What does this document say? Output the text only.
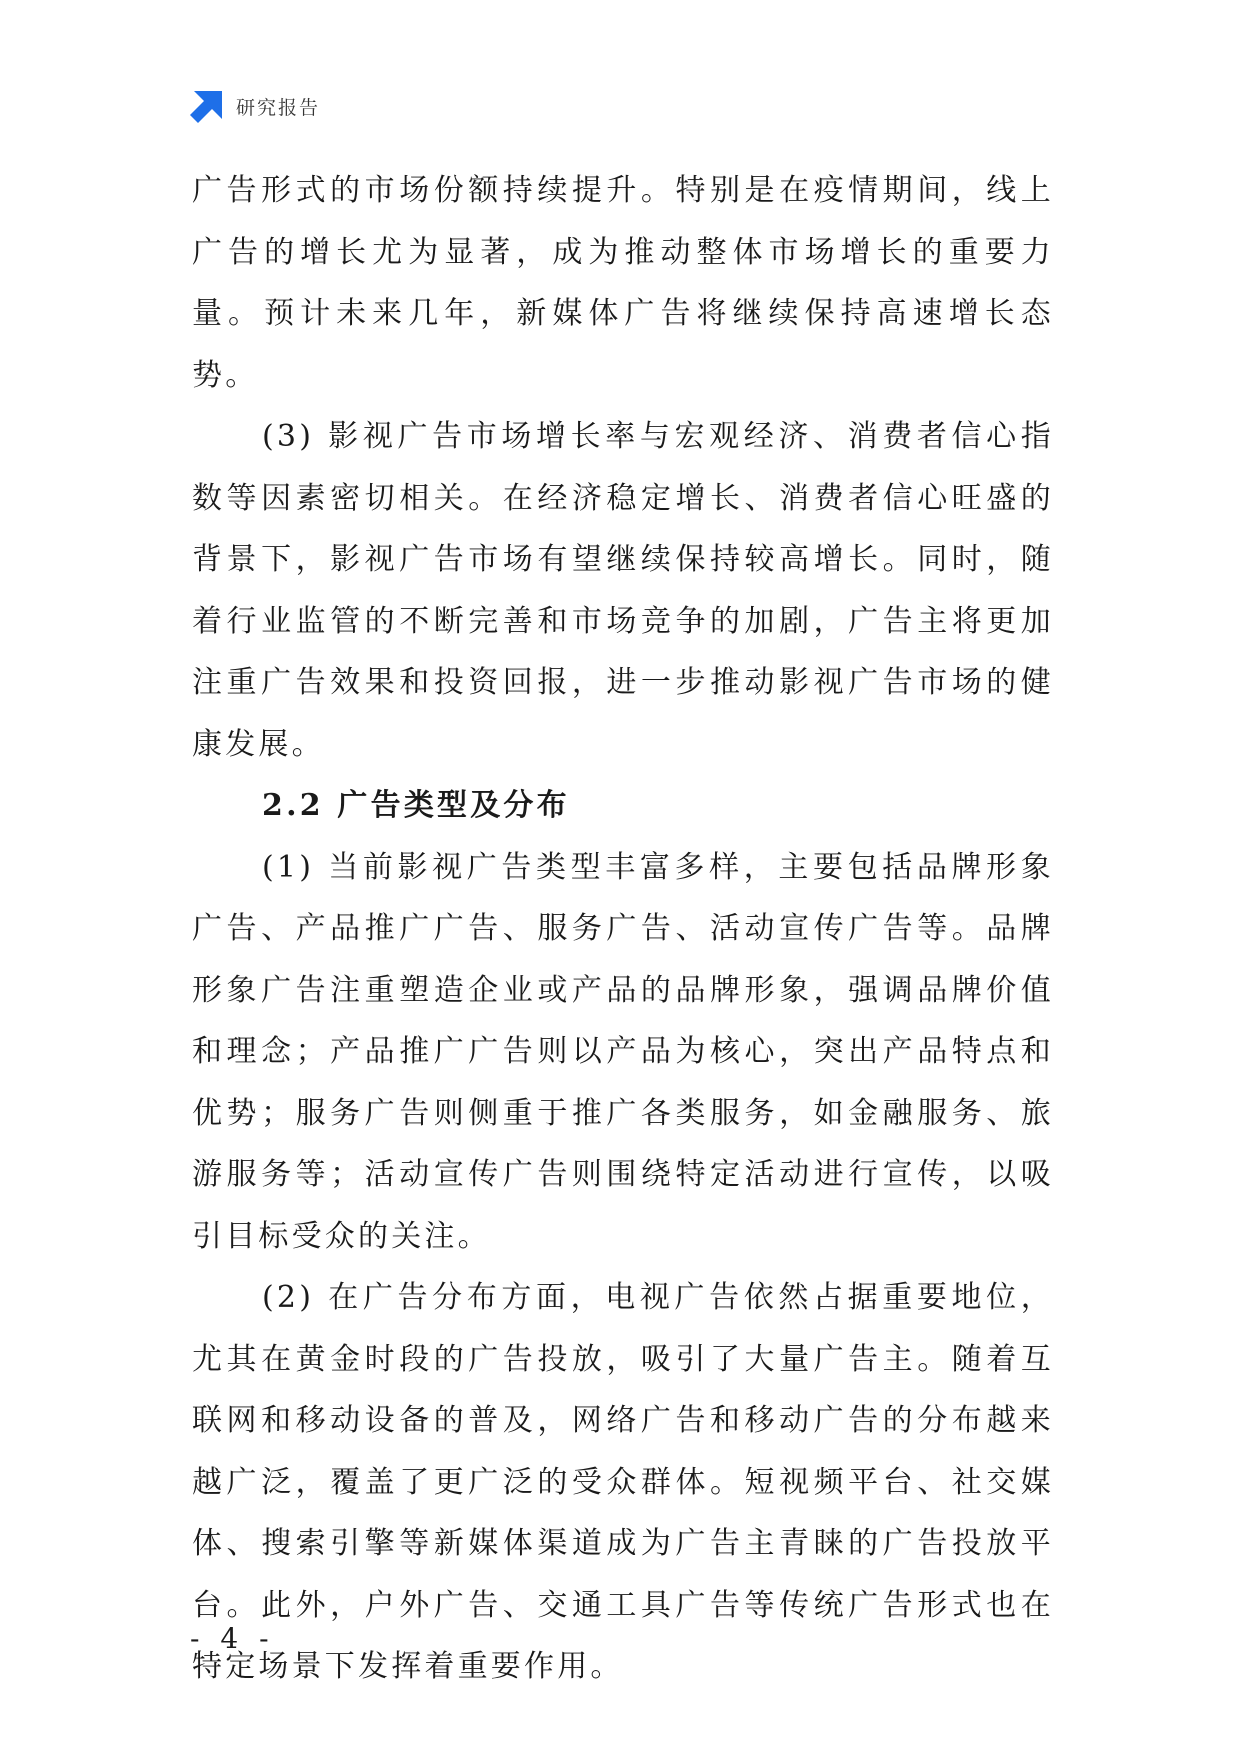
研究报告

广告形式的市场份额持续提升。特别是在疫情期间，线上广告的增长尤为显著，成为推动整体市场增长的重要力量。预计未来几年，新媒体广告将继续保持高速增长态势。

(3) 影视广告市场增长率与宏观经济、消费者信心指数等因素密切相关。在经济稳定增长、消费者信心旺盛的背景下，影视广告市场有望继续保持较高增长。同时，随着行业监管的不断完善和市场竞争的加剧，广告主将更加注重广告效果和投资回报，进一步推动影视广告市场的健康发展。

2.2 广告类型及分布

(1) 当前影视广告类型丰富多样，主要包括品牌形象广告、产品推广广告、服务广告、活动宣传广告等。品牌形象广告注重塑造企业或产品的品牌形象，强调品牌价值和理念；产品推广广告则以产品为核心，突出产品特点和优势；服务广告则侧重于推广各类服务，如金融服务、旅游服务等；活动宣传广告则围绕特定活动进行宣传，以吸引目标受众的关注。

(2) 在广告分布方面，电视广告依然占据重要地位，尤其在黄金时段的广告投放，吸引了大量广告主。随着互联网和移动设备的普及，网络广告和移动广告的分布越来越广泛，覆盖了更广泛的受众群体。短视频平台、社交媒体、搜索引擎等新媒体渠道成为广告主青睐的广告投放平台。此外，户外广告、交通工具广告等传统广告形式也在特定场景下发挥着重要作用。

- 4 -
